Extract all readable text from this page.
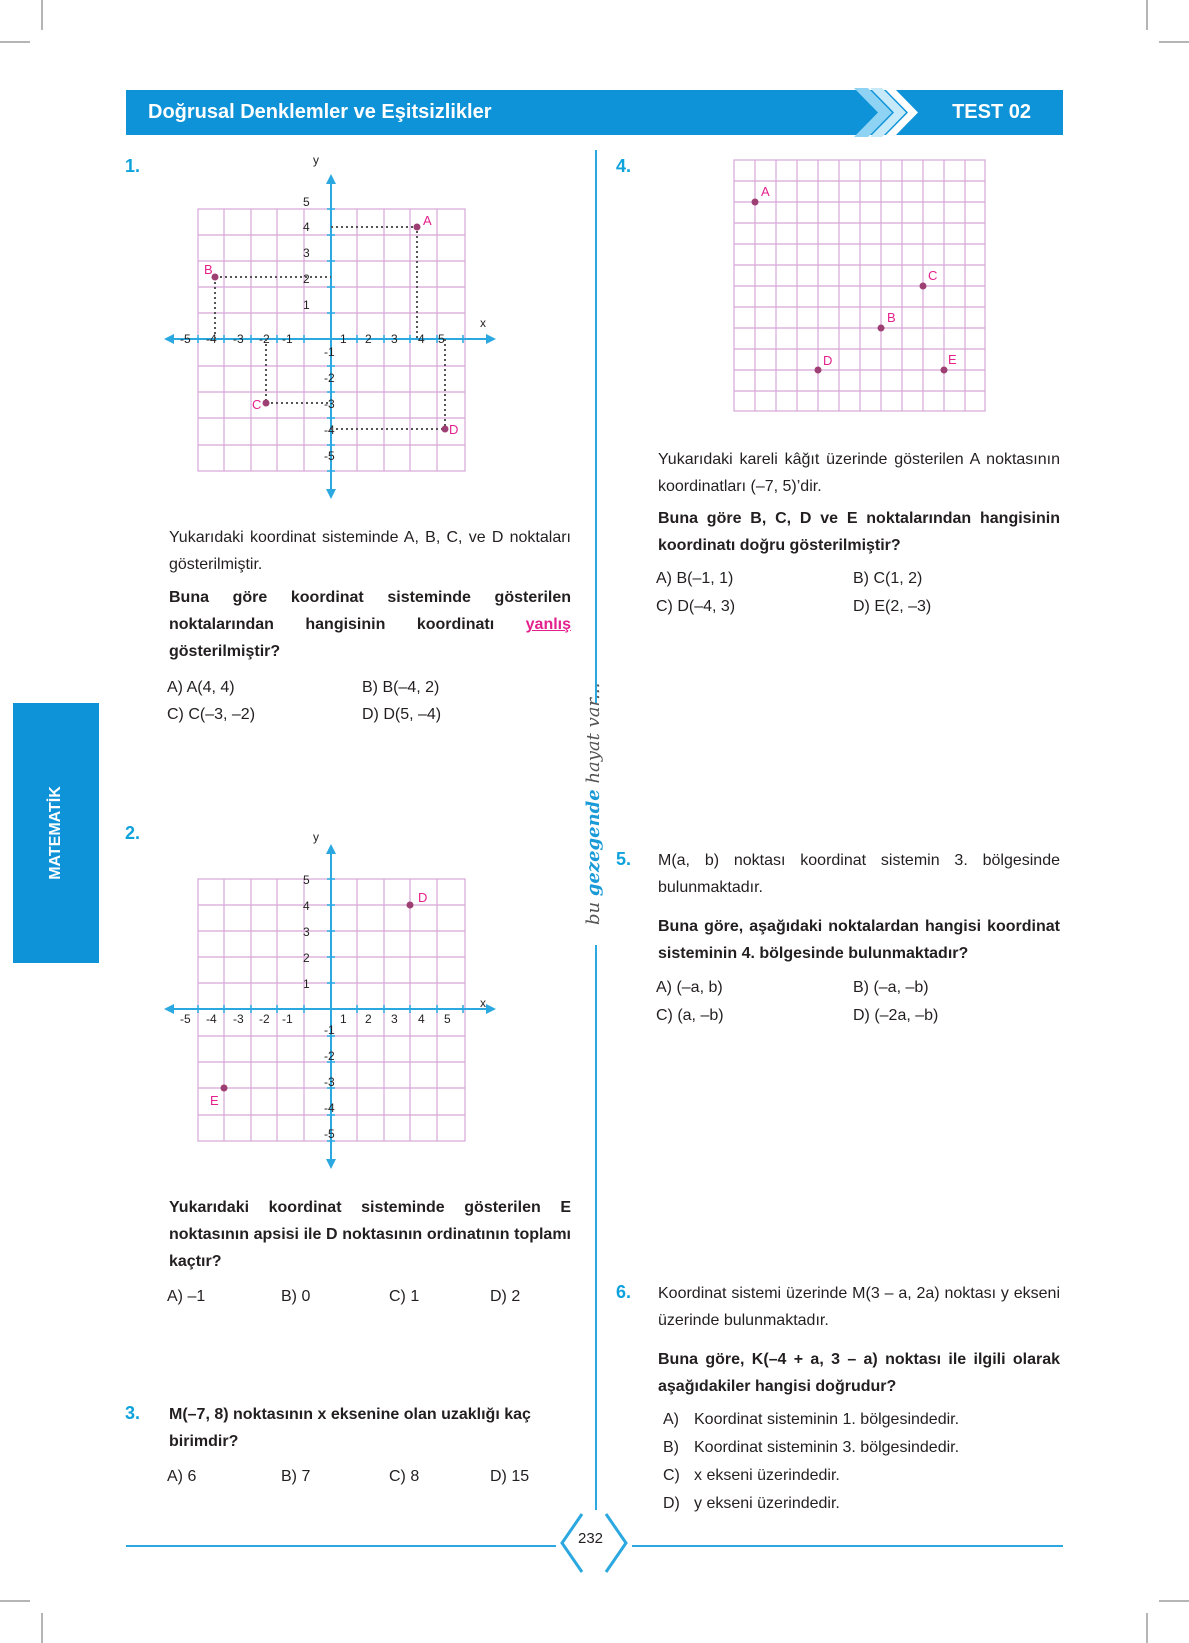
Doğrusal Denklemler ve Eşitsizlikler	TEST 02
MATEMATİK
bu gezegende hayat var...
1.
x
y
-5 -4 -3 -2 -1	1 2 3 4 5
5
4
3
2
1
-1
-2
-3
-4
-5
A
B
C
D
Yukarıdaki koordinat sisteminde A, B, C, ve D noktaları gösterilmiştir.
Buna göre koordinat sisteminde gösterilen noktalarından hangisinin koordinatı yanlış gösterilmiştir?
A) A(4, 4)	B) B(–4, 2)
C) C(–3, –2)	D) D(5, –4)
2.
x
y
-5 -4 -3 -2 -1	1 2 3 4 5
5
4
3
2
1
-1
-2
-3
-4
-5
D
E
Yukarıdaki koordinat sisteminde gösterilen E noktasının apsisi ile D noktasının ordinatının toplamı kaçtır?
A) –1	B) 0	C) 1	D) 2
3. M(–7, 8) noktasının x eksenine olan uzaklığı kaç birimdir?
A) 6	B) 7	C) 8	D) 15
4.
A
B
C
D	E
Yukarıdaki kareli kâğıt üzerinde gösterilen A noktasının koordinatları (–7, 5)’dir.
Buna göre B, C, D ve E noktalarından hangisinin koordinatı doğru gösterilmiştir?
A) B(–1, 1)	B) C(1, 2)
C) D(–4, 3)	D) E(2, –3)
5. M(a, b) noktası koordinat sistemin 3. bölgesinde bulunmaktadır.
Buna göre, aşağıdaki noktalardan hangisi koordinat sisteminin 4. bölgesinde bulunmaktadır?
A) (–a, b)	B) (–a, –b)
C) (a, –b)	D) (–2a, –b)
6. Koordinat sistemi üzerinde M(3 – a, 2a) noktası y ekseni üzerinde bulunmaktadır.
Buna göre, K(–4 + a, 3 – a) noktası ile ilgili olarak aşağıdakiler hangisi doğrudur?
A) Koordinat sisteminin 1. bölgesindedir.
B) Koordinat sisteminin 3. bölgesindedir.
C) x ekseni üzerindedir.
D) y ekseni üzerindedir.
232
